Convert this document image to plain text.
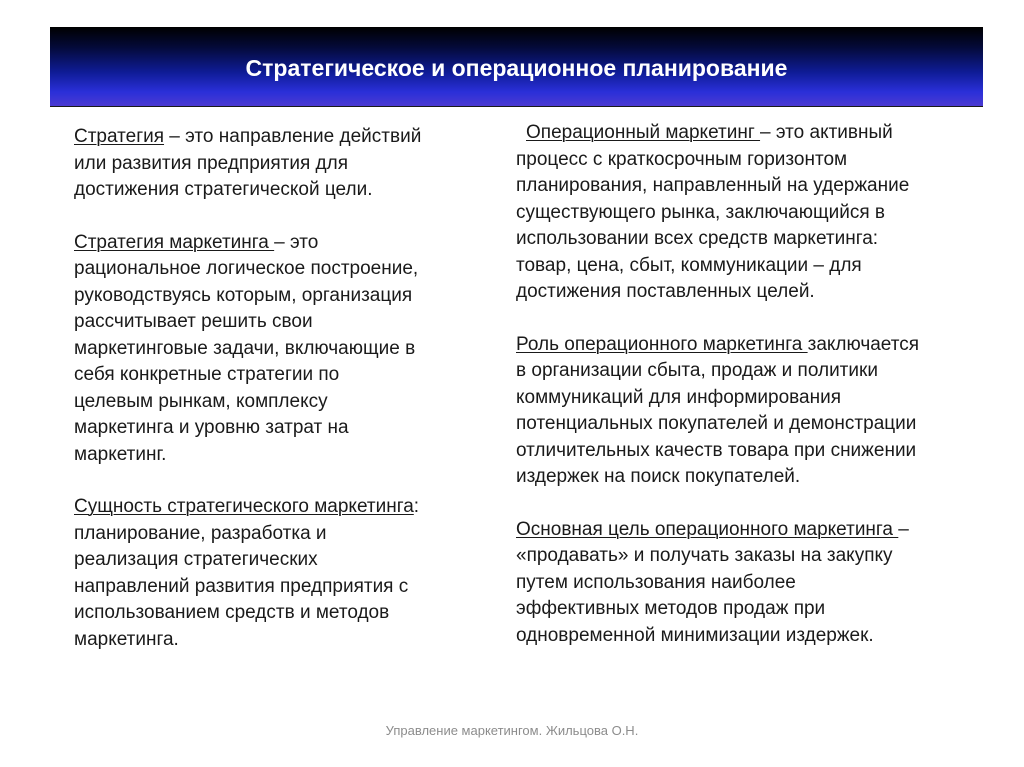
Стратегическое и операционное планирование
Стратегия – это направление действий
или развития предприятия для
достижения стратегической цели.
Стратегия маркетинга – это
рациональное логическое построение,
руководствуясь которым, организация
рассчитывает решить свои
маркетинговые задачи, включающие в
себя конкретные стратегии по
целевым рынкам, комплексу
маркетинга и уровню затрат на
маркетинг.
Сущность стратегического маркетинга:
планирование, разработка и
реализация стратегических
направлений развития предприятия с
использованием средств и методов
маркетинга.
Операционный маркетинг – это активный
процесс с краткосрочным горизонтом
планирования, направленный на удержание
существующего рынка, заключающийся в
использовании всех средств маркетинга:
товар, цена, сбыт, коммуникации – для
достижения поставленных целей.
Роль операционного маркетинга заключается
в организации сбыта, продаж и политики
коммуникаций для информирования
потенциальных покупателей и демонстрации
отличительных качеств товара при снижении
издержек на поиск покупателей.
Основная цель операционного маркетинга –
«продавать» и получать заказы на закупку
путем использования наиболее
эффективных методов продаж при
одновременной минимизации издержек.
Управление маркетингом. Жильцова О.Н.
